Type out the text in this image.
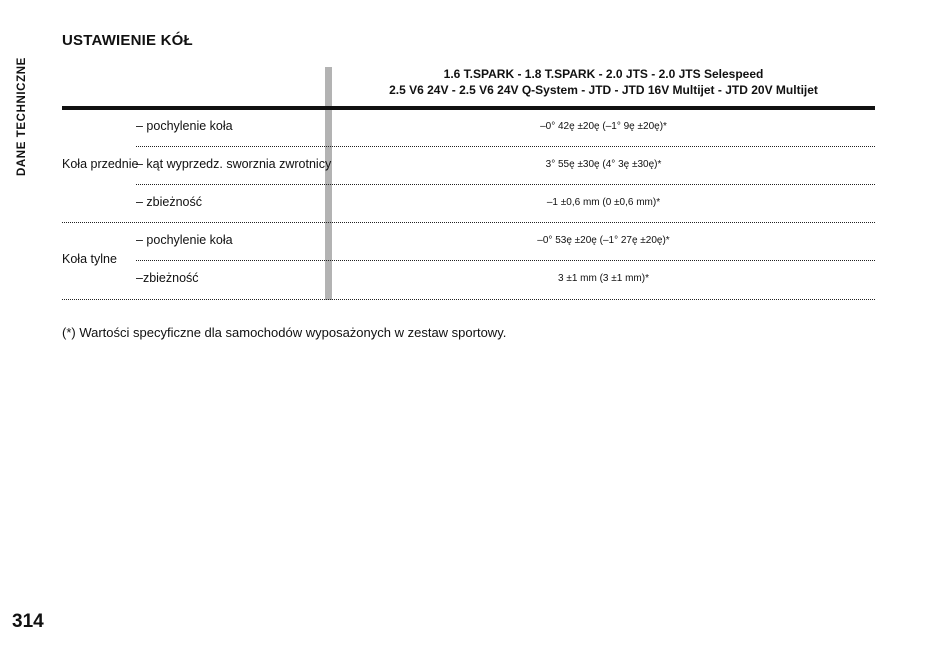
DANE TECHNICZNE
USTAWIENIE KÓŁ
1.6 T.SPARK - 1.8 T.SPARK - 2.0 JTS - 2.0 JTS Selespeed
2.5 V6 24V - 2.5 V6 24V Q-System - JTD - JTD 16V Multijet - JTD 20V Multijet
Koła przednie
– pochylenie koła	–0° 42ę ±20ę (–1° 9ę ±20ę)*
– kąt wyprzedz. sworznia zwrotnicy	3° 55ę ±30ę (4° 3ę ±30ę)*
– zbieżność	–1 ±0,6 mm (0 ±0,6 mm)*
Koła tylne
– pochylenie koła	–0° 53ę ±20ę (–1° 27ę ±20ę)*
–zbieżność	3 ±1 mm (3 ±1 mm)*
(*) Wartości specyficzne dla samochodów wyposażonych w zestaw sportowy.
314
